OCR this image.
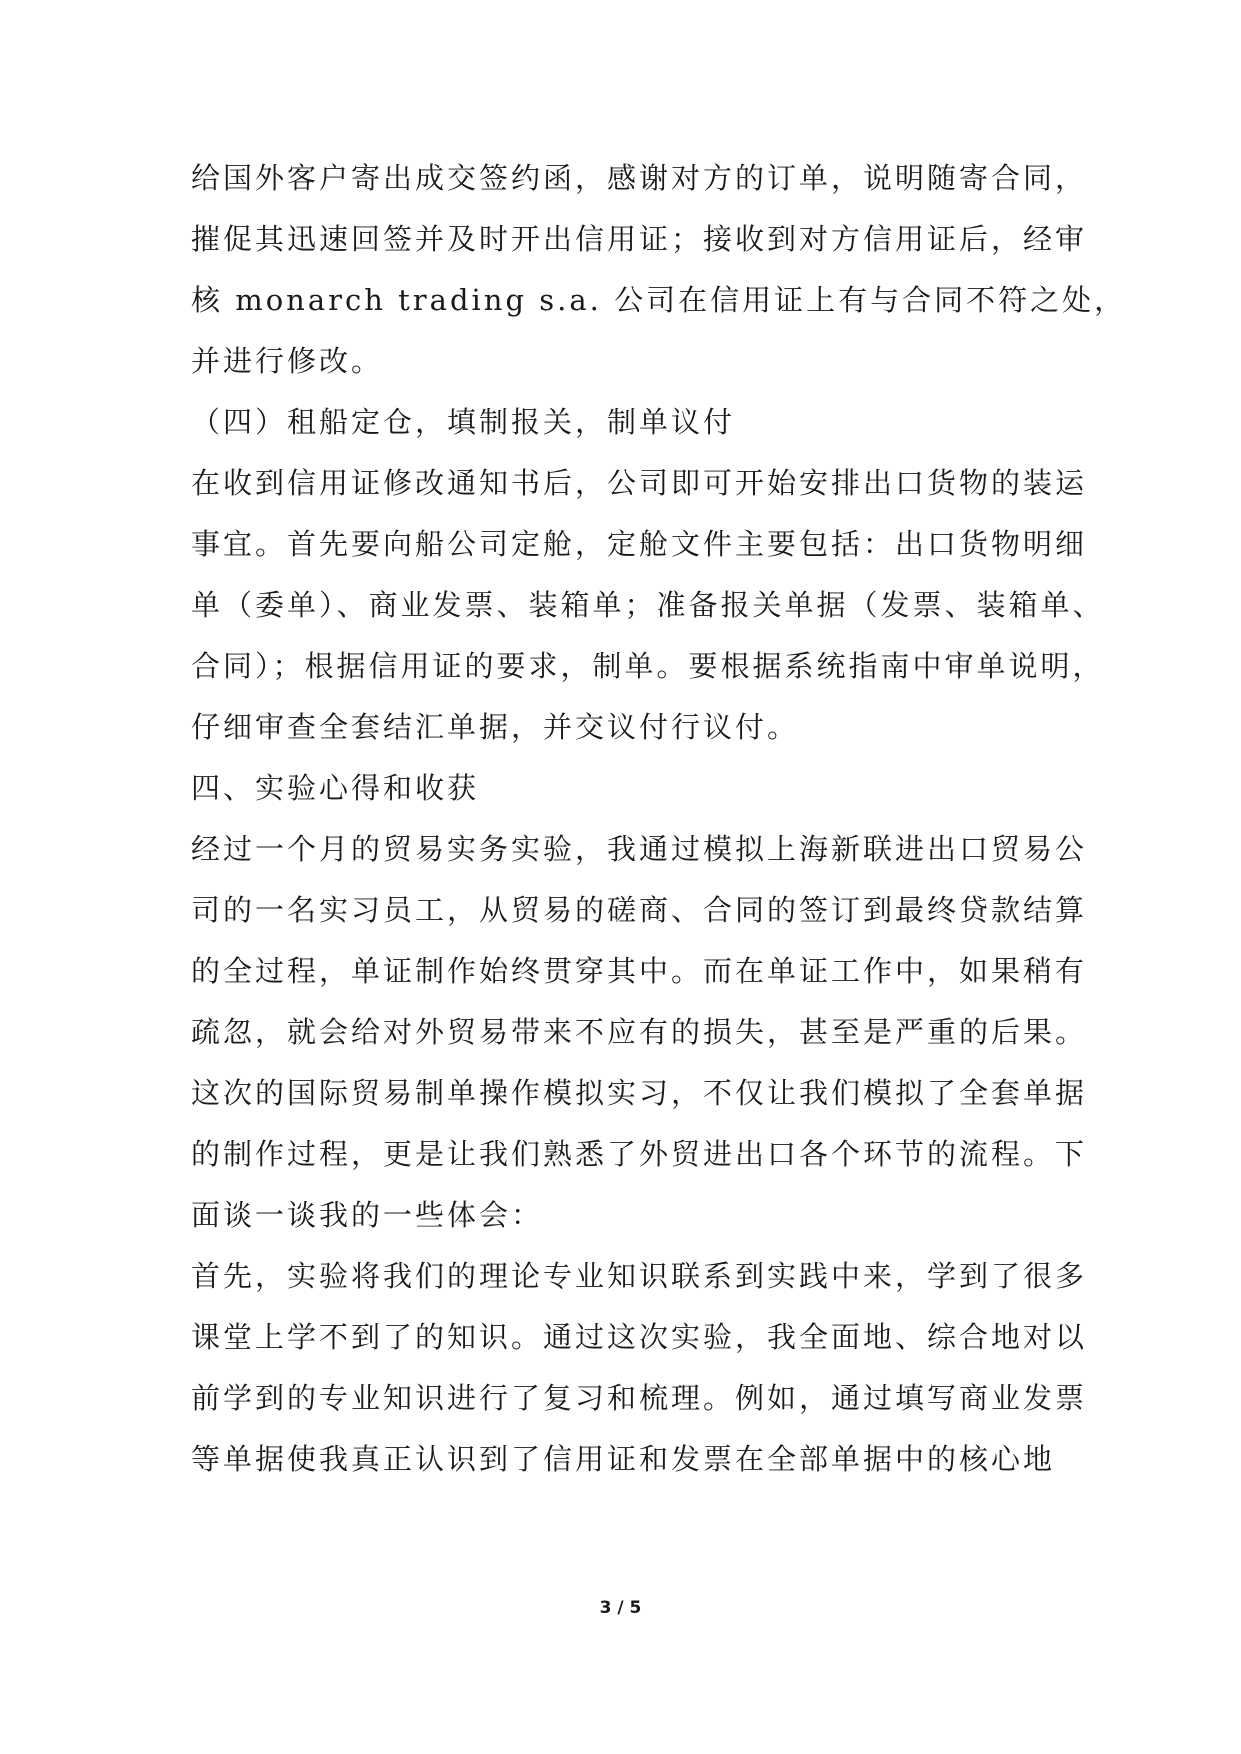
给国外客户寄出成交签约函，感谢对方的订单，说明随寄合同，
摧促其迅速回签并及时开出信用证；接收到对方信用证后，经审
核 monarch trading s.a. 公司在信用证上有与合同不符之处，
并进行修改。
（四）租船定仓，填制报关，制单议付
在收到信用证修改通知书后，公司即可开始安排出口货物的装运
事宜。首先要向船公司定舱，定舱文件主要包括：出口货物明细
单（委单）、商业发票、装箱单；准备报关单据（发票、装箱单、
合同）；根据信用证的要求，制单。要根据系统指南中审单说明，
仔细审查全套结汇单据，并交议付行议付。
四、实验心得和收获
经过一个月的贸易实务实验，我通过模拟上海新联进出口贸易公
司的一名实习员工，从贸易的磋商、合同的签订到最终贷款结算
的全过程，单证制作始终贯穿其中。而在单证工作中，如果稍有
疏忽，就会给对外贸易带来不应有的损失，甚至是严重的后果。
这次的国际贸易制单操作模拟实习，不仅让我们模拟了全套单据
的制作过程，更是让我们熟悉了外贸进出口各个环节的流程。下
面谈一谈我的一些体会：
首先，实验将我们的理论专业知识联系到实践中来，学到了很多
课堂上学不到了的知识。通过这次实验，我全面地、综合地对以
前学到的专业知识进行了复习和梳理。例如，通过填写商业发票
等单据使我真正认识到了信用证和发票在全部单据中的核心地
3 / 5
